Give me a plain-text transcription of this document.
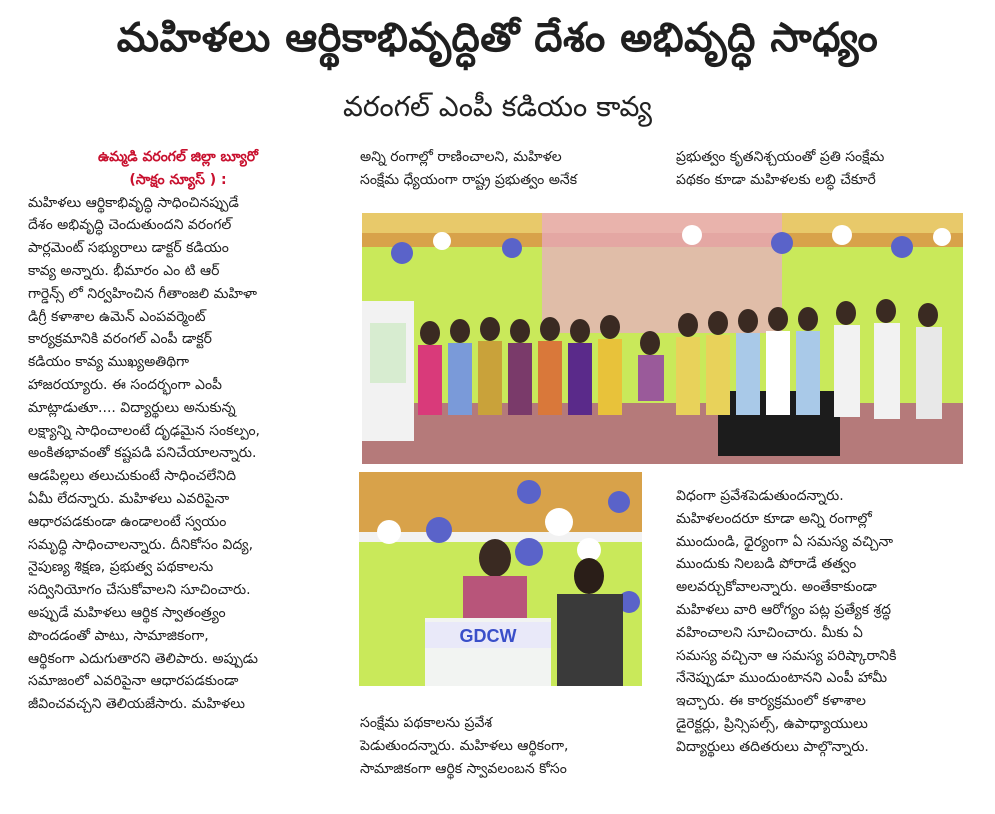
మహిళలు ఆర్థికాభివృద్ధితో దేశం అభివృద్ధి సాధ్యం
వరంగల్ ఎంపీ కడియం కావ్య

ఉమ్మడి వరంగల్ జిల్లా బ్యూరో

(సాక్షం న్యూస్ ) :

మహిళలు ఆర్థికాభివృద్ధి సాధించినప్పుడే

దేశం అభివృద్ధి చెందుతుందని వరంగల్

పార్లమెంట్ సభ్యురాలు డాక్టర్ కడియం

కావ్య అన్నారు. భీమారం ఎం టి ఆర్

గార్డెన్స్ లో నిర్వహించిన గీతాంజలి మహిళా

డిగ్రీ కళాశాల ఉమెన్ ఎంపవర్మెంట్

కార్యక్రమానికి వరంగల్ ఎంపీ డాక్టర్

కడియం కావ్య ముఖ్యఅతిథిగా

హాజరయ్యారు. ఈ సందర్భంగా ఎంపీ

మాట్లాడుతూ.... విద్యార్థులు అనుకున్న

లక్ష్యాన్ని సాధించాలంటే దృఢమైన సంకల్పం,

అంకితభావంతో కష్టపడి పనిచేయాలన్నారు.

ఆడపిల్లలు తలుచుకుంటే సాధించలేనిది

ఏమీ లేదన్నారు. మహిళలు ఎవరిపైనా

ఆధారపడకుండా ఉండాలంటే స్వయం

సమృద్ధి సాధించాలన్నారు. దీనికోసం విద్య,

నైపుణ్య శిక్షణ, ప్రభుత్వ పథకాలను

సద్వినియోగం చేసుకోవాలని సూచించారు.

అప్పుడే మహిళలు ఆర్థిక స్వాతంత్ర్యం

పొందడంతో పాటు, సామాజికంగా,

ఆర్థికంగా ఎదుగుతారని తెలిపారు. అప్పుడు

సమాజంలో ఎవరిపైనా ఆధారపడకుండా

జీవించవచ్చని తెలియజేసారు. మహిళలు

అన్ని రంగాల్లో రాణించాలని, మహిళల

సంక్షేమ ధ్యేయంగా రాష్ట్ర ప్రభుత్వం అనేక

ప్రభుత్వం కృతనిశ్చయంతో ప్రతి సంక్షేమ

పథకం కూడా మహిళలకు లబ్ధి చేకూరే

GDCW

సంక్షేమ పథకాలను ప్రవేశ

పెడుతుందన్నారు. మహిళలు ఆర్థికంగా,

సామాజికంగా ఆర్థిక స్వావలంబన కోసం

విధంగా ప్రవేశపెడుతుందన్నారు.

మహిళలందరూ కూడా అన్ని రంగాల్లో

ముందుండి, ధైర్యంగా ఏ సమస్య వచ్చినా

ముందుకు నిలబడి పోరాడే తత్వం

అలవర్చుకోవాలన్నారు. అంతేకాకుండా

మహిళలు వారి ఆరోగ్యం పట్ల ప్రత్యేక శ్రద్ధ

వహించాలని సూచించారు. మీకు ఏ

సమస్య వచ్చినా ఆ సమస్య పరిష్కారానికి

నేనెప్పుడూ ముందుంటానని ఎంపీ హామీ

ఇచ్చారు. ఈ కార్యక్రమంలో కళాశాల

డైరెక్టర్లు, ప్రిన్సిపల్స్, ఉపాధ్యాయులు

విద్యార్థులు తదితరులు పాల్గొన్నారు.
